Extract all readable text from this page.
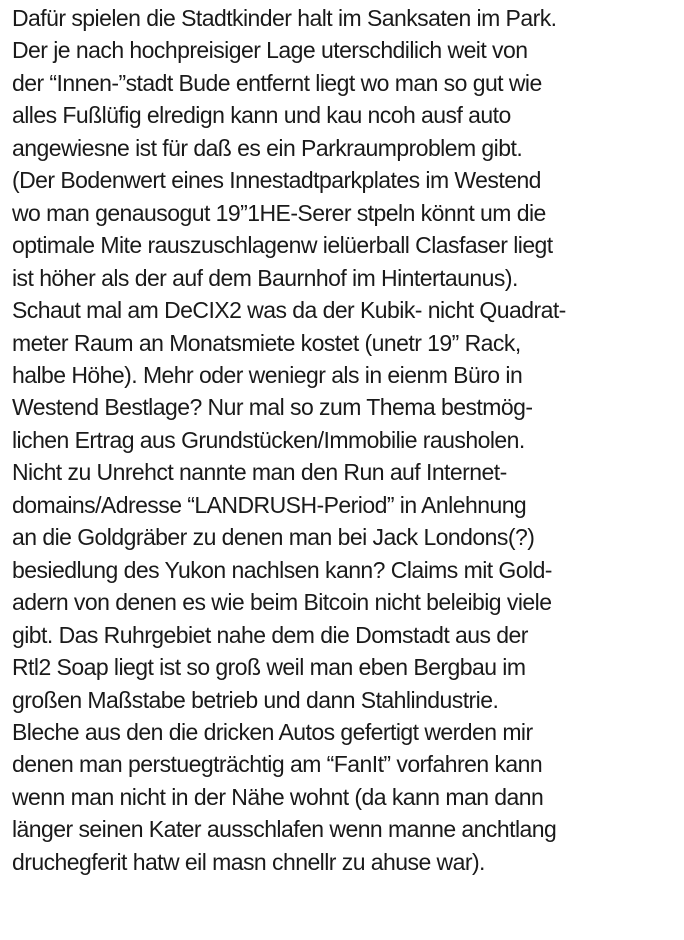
Dafür spielen die Stadtkinder halt im Sanksaten im Park.
Der je nach hochpreisiger Lage uterschdilich weit von
der “Innen-”stadt Bude entfernt liegt wo man so gut wie
alles Fußlüfig elredign kann und kau ncoh ausf auto
angewiesne ist für daß es ein Parkraumproblem gibt.
(Der Bodenwert eines Innestadtparkplates im Westend
wo man genausogut 19”1HE-Serer stpeln könnt um die
optimale Mite rauszuschlagenw ielüerball Clasfaser liegt
ist höher als der auf dem Baurnhof im Hintertaunus).
Schaut mal am DeCIX2 was da der Kubik- nicht Quadrat-
meter Raum an Monatsmiete kostet (unetr 19” Rack,
halbe Höhe). Mehr oder weniegr als in eienm Büro in
Westend Bestlage? Nur mal so zum Thema bestmög-
lichen Ertrag aus Grundstücken/Immobilie rausholen.
Nicht zu Unrehct nannte man den Run auf Internet-
domains/Adresse “LANDRUSH-Period” in Anlehnung
an die Goldgräber zu denen man bei Jack Londons(?)
besiedlung des Yukon nachlsen kann? Claims mit Gold-
adern von denen es wie beim Bitcoin nicht beleibig viele
gibt. Das Ruhrgebiet nahe dem die Domstadt aus der
Rtl2 Soap liegt ist so groß weil man eben Bergbau im
großen Maßstabe betrieb und dann Stahlindustrie.
Bleche aus den die dricken Autos gefertigt werden mir
denen man perstuegträchtig am “FanIt” vorfahren kann
wenn man nicht in der Nähe wohnt (da kann man dann
länger seinen Kater ausschlafen wenn manne anchtlang
druchegferit hatw eil masn chnellr zu ahuse war).
